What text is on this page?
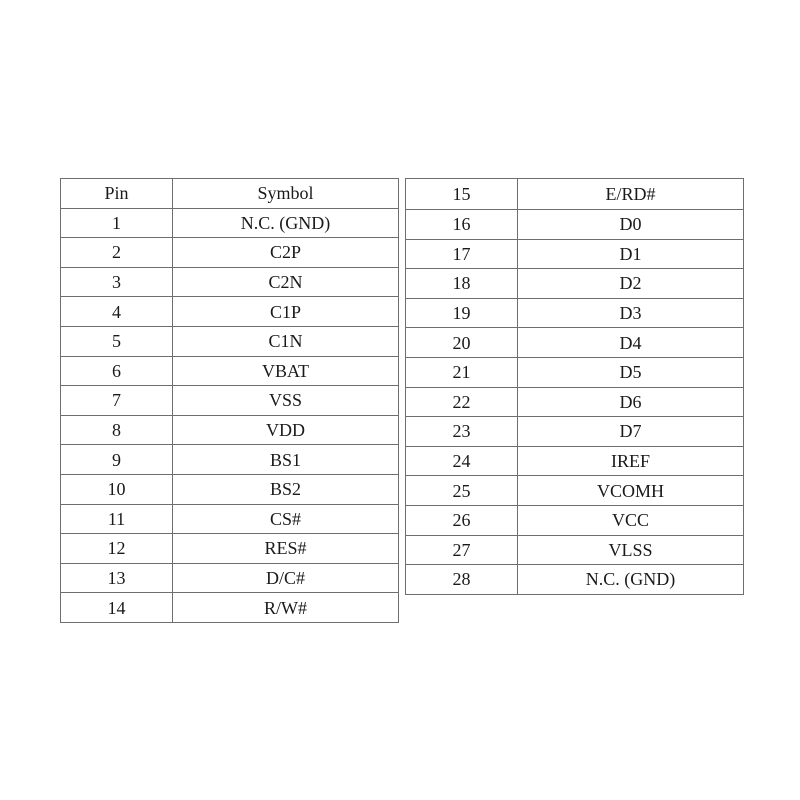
Pin	Symbol
1	N.C. (GND)
2	C2P
3	C2N
4	C1P
5	C1N
6	VBAT
7	VSS
8	VDD
9	BS1
10	BS2
11	CS#
12	RES#
13	D/C#
14	R/W#
15	E/RD#
16	D0
17	D1
18	D2
19	D3
20	D4
21	D5
22	D6
23	D7
24	IREF
25	VCOMH
26	VCC
27	VLSS
28	N.C. (GND)
